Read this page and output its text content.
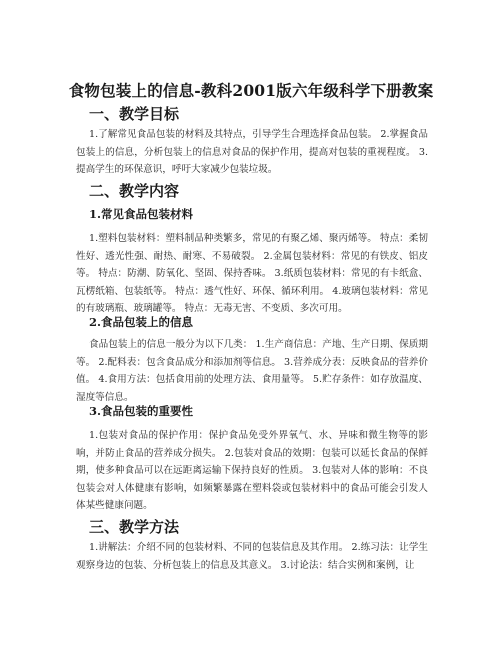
食物包装上的信息-教科2001版六年级科学下册教案
一、教学目标
1.了解常见食品包装的材料及其特点，引导学生合理选择食品包装。 2.掌握食品包装上的信息，分析包装上的信息对食品的保护作用，提高对包装的重视程度。 3.提高学生的环保意识，呼吁大家减少包装垃圾。
二、教学内容
1.常见食品包装材料
1.塑料包装材料：塑料制品种类繁多，常见的有聚乙烯、聚丙烯等。 特点：柔韧性好、透光性强、耐热、耐寒、不易破裂。 2.金属包装材料：常见的有铁皮、铝皮等。 特点：防潮、防氧化、坚固、保持香味。 3.纸质包装材料：常见的有卡纸盒、瓦楞纸箱、包装纸等。 特点：透气性好、环保、循环利用。 4.玻璃包装材料：常见的有玻璃瓶、玻璃罐等。 特点：无毒无害、不变质、多次可用。
2.食品包装上的信息
食品包装上的信息一般分为以下几类： 1.生产商信息：产地、生产日期、保质期等。 2.配料表：包含食品成分和添加剂等信息。 3.营养成分表：反映食品的营养价值。 4.食用方法：包括食用前的处理方法、食用量等。 5.贮存条件：如存放温度、湿度等信息。
3.食品包装的重要性
1.包装对食品的保护作用：保护食品免受外界氧气、水、异味和微生物等的影响，并防止食品的营养成分损失。 2.包装对食品的效期：包装可以延长食品的保鲜期，使多种食品可以在远距离运输下保持良好的性质。 3.包装对人体的影响：不良包装会对人体健康有影响，如频繁暴露在塑料袋或包装材料中的食品可能会引发人体某些健康问题。
三、教学方法
1.讲解法：介绍不同的包装材料、不同的包装信息及其作用。 2.练习法：让学生观察身边的包装、分析包装上的信息及其意义。 3.讨论法：结合实例和案例，让
